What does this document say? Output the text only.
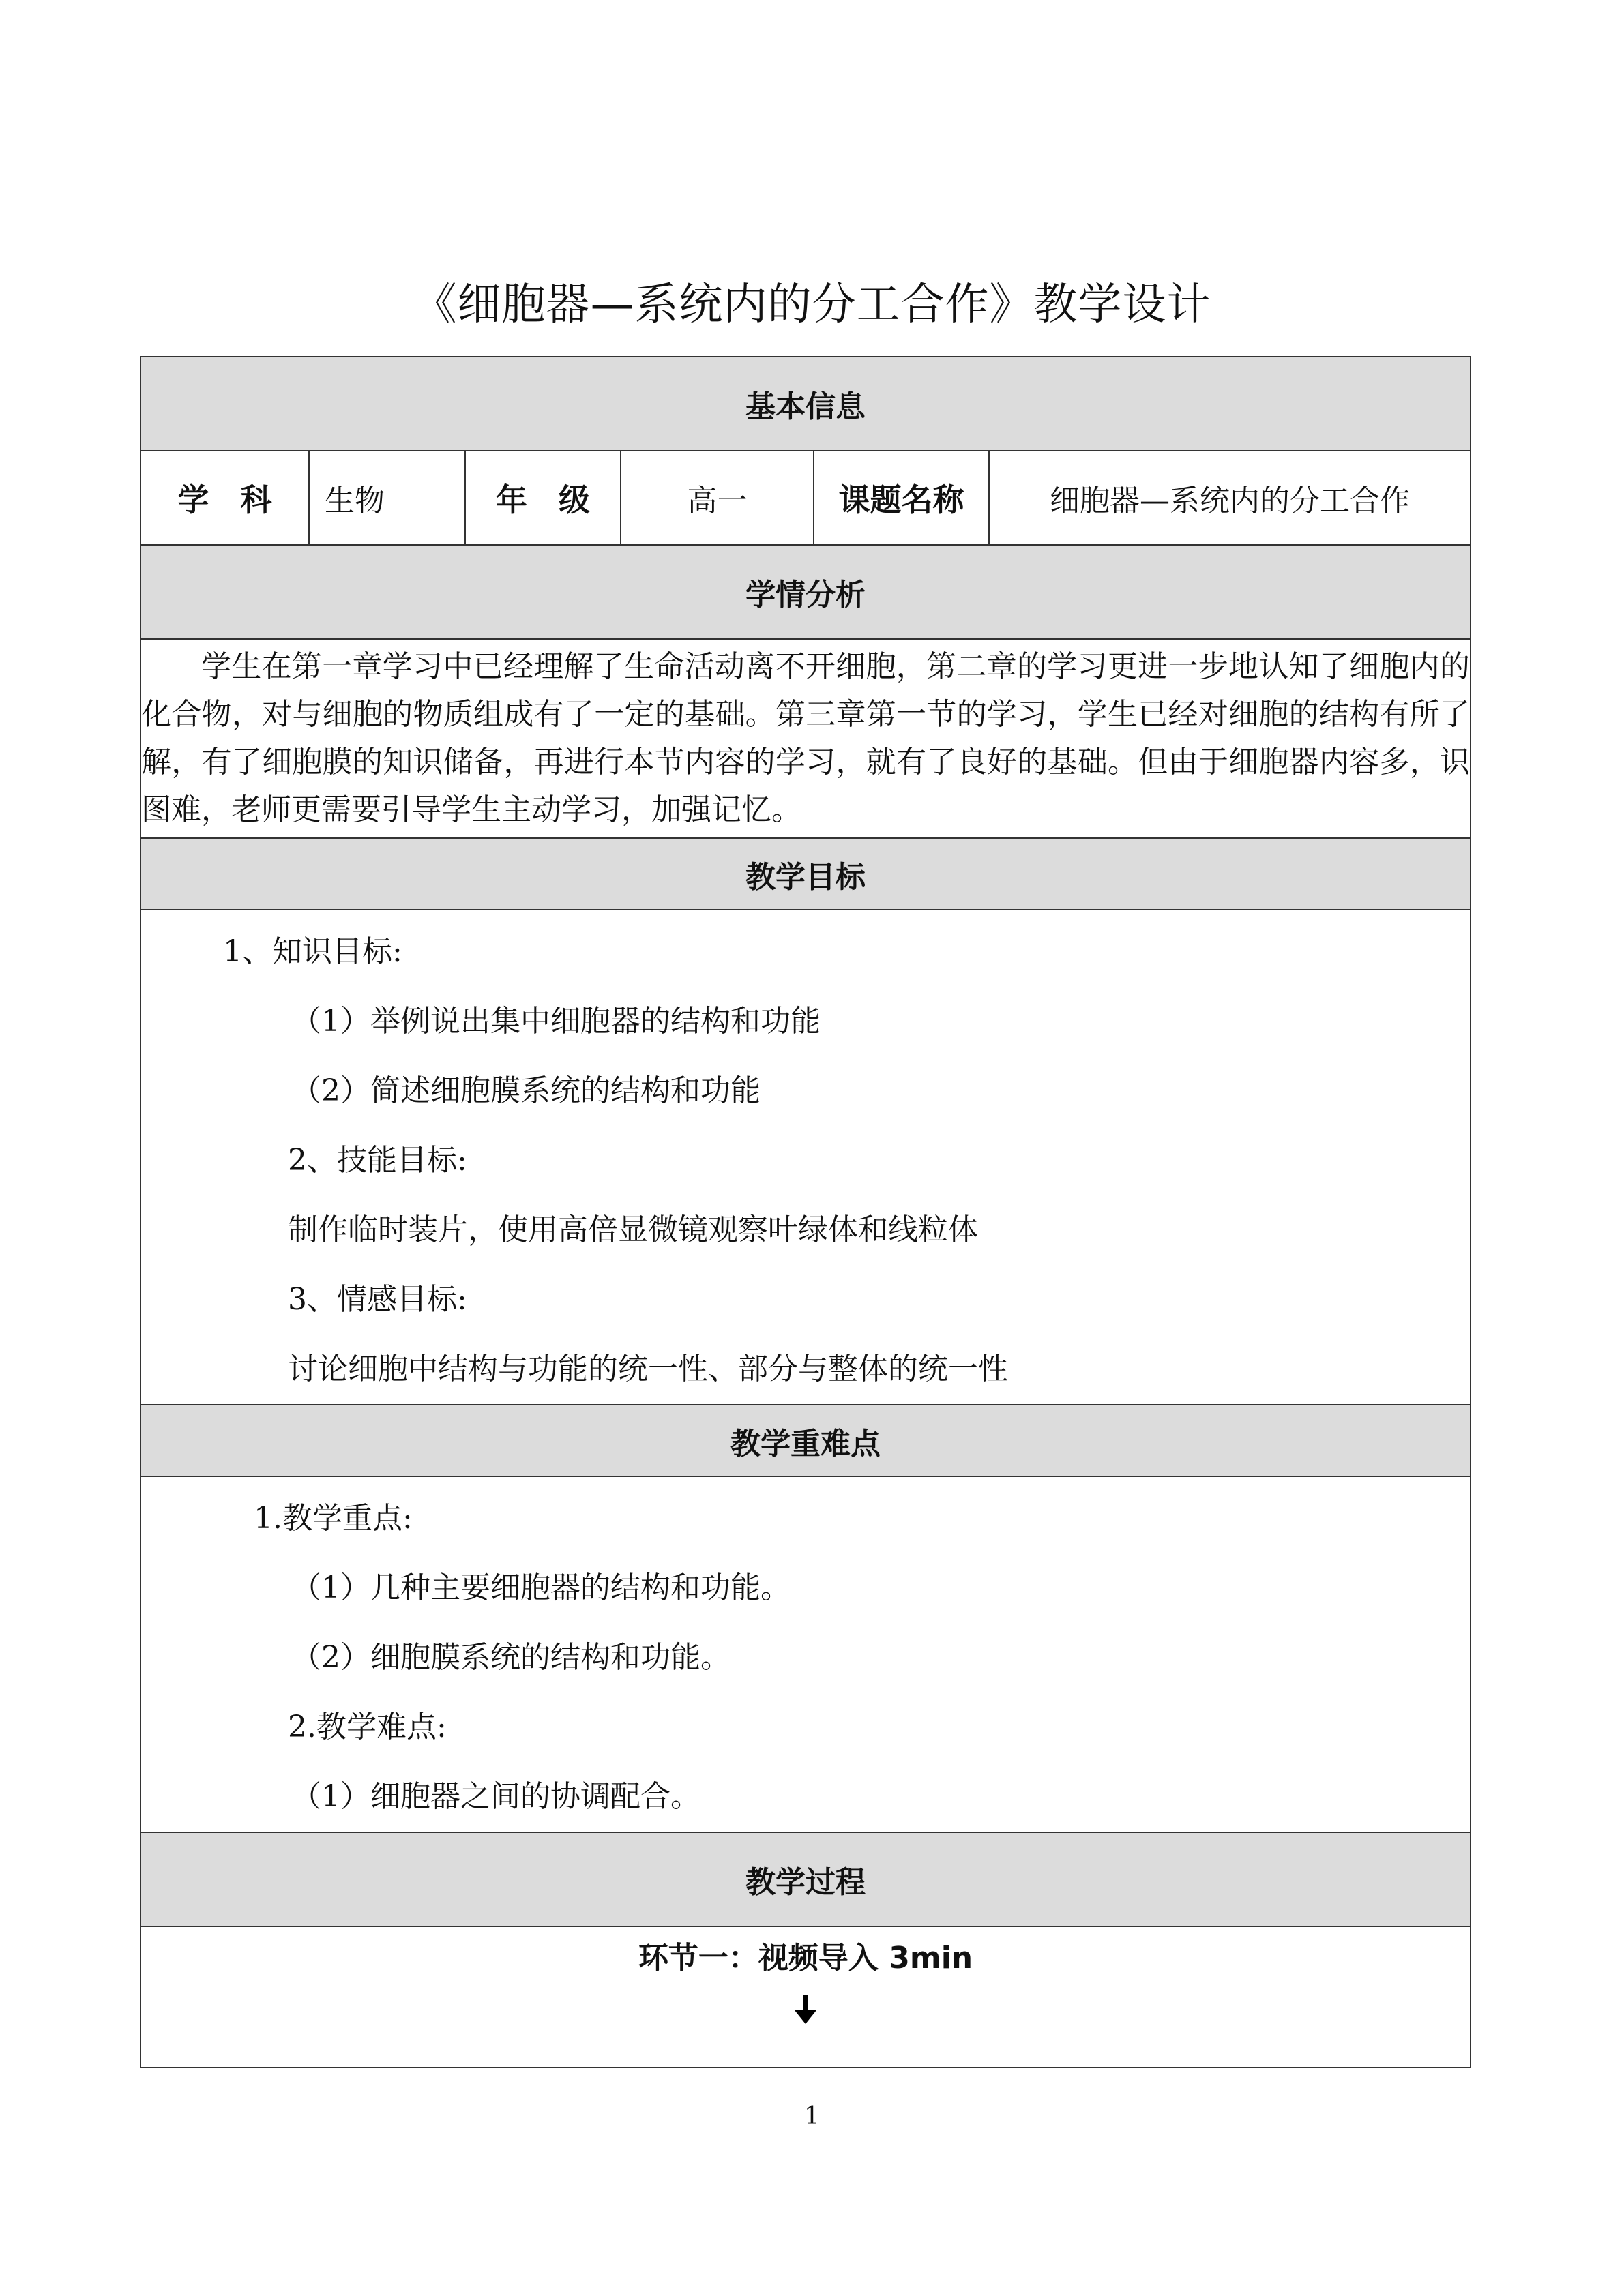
《细胞器—系统内的分工合作》教学设计
基本信息
学　科	生物	年　级	高一	课题名称	细胞器—系统内的分工合作
学情分析
学生在第一章学习中已经理解了生命活动离不开细胞，第二章的学习更进一步地认知了细胞内的化合物，对与细胞的物质组成有了一定的基础。第三章第一节的学习，学生已经对细胞的结构有所了解，有了细胞膜的知识储备，再进行本节内容的学习，就有了良好的基础。但由于细胞器内容多，识图难，老师更需要引导学生主动学习，加强记忆。
教学目标

1、知识目标:
（1）举例说出集中细胞器的结构和功能
（2）简述细胞膜系统的结构和功能
2、技能目标:
制作临时装片，使用高倍显微镜观察叶绿体和线粒体
3、情感目标:
讨论细胞中结构与功能的统一性、部分与整体的统一性

教学重难点

1.教学重点:
（1）几种主要细胞器的结构和功能。
（2）细胞膜系统的结构和功能。
2.教学难点:
（1）细胞器之间的协调配合。

教学过程

环节一：视频导入 3min
1
